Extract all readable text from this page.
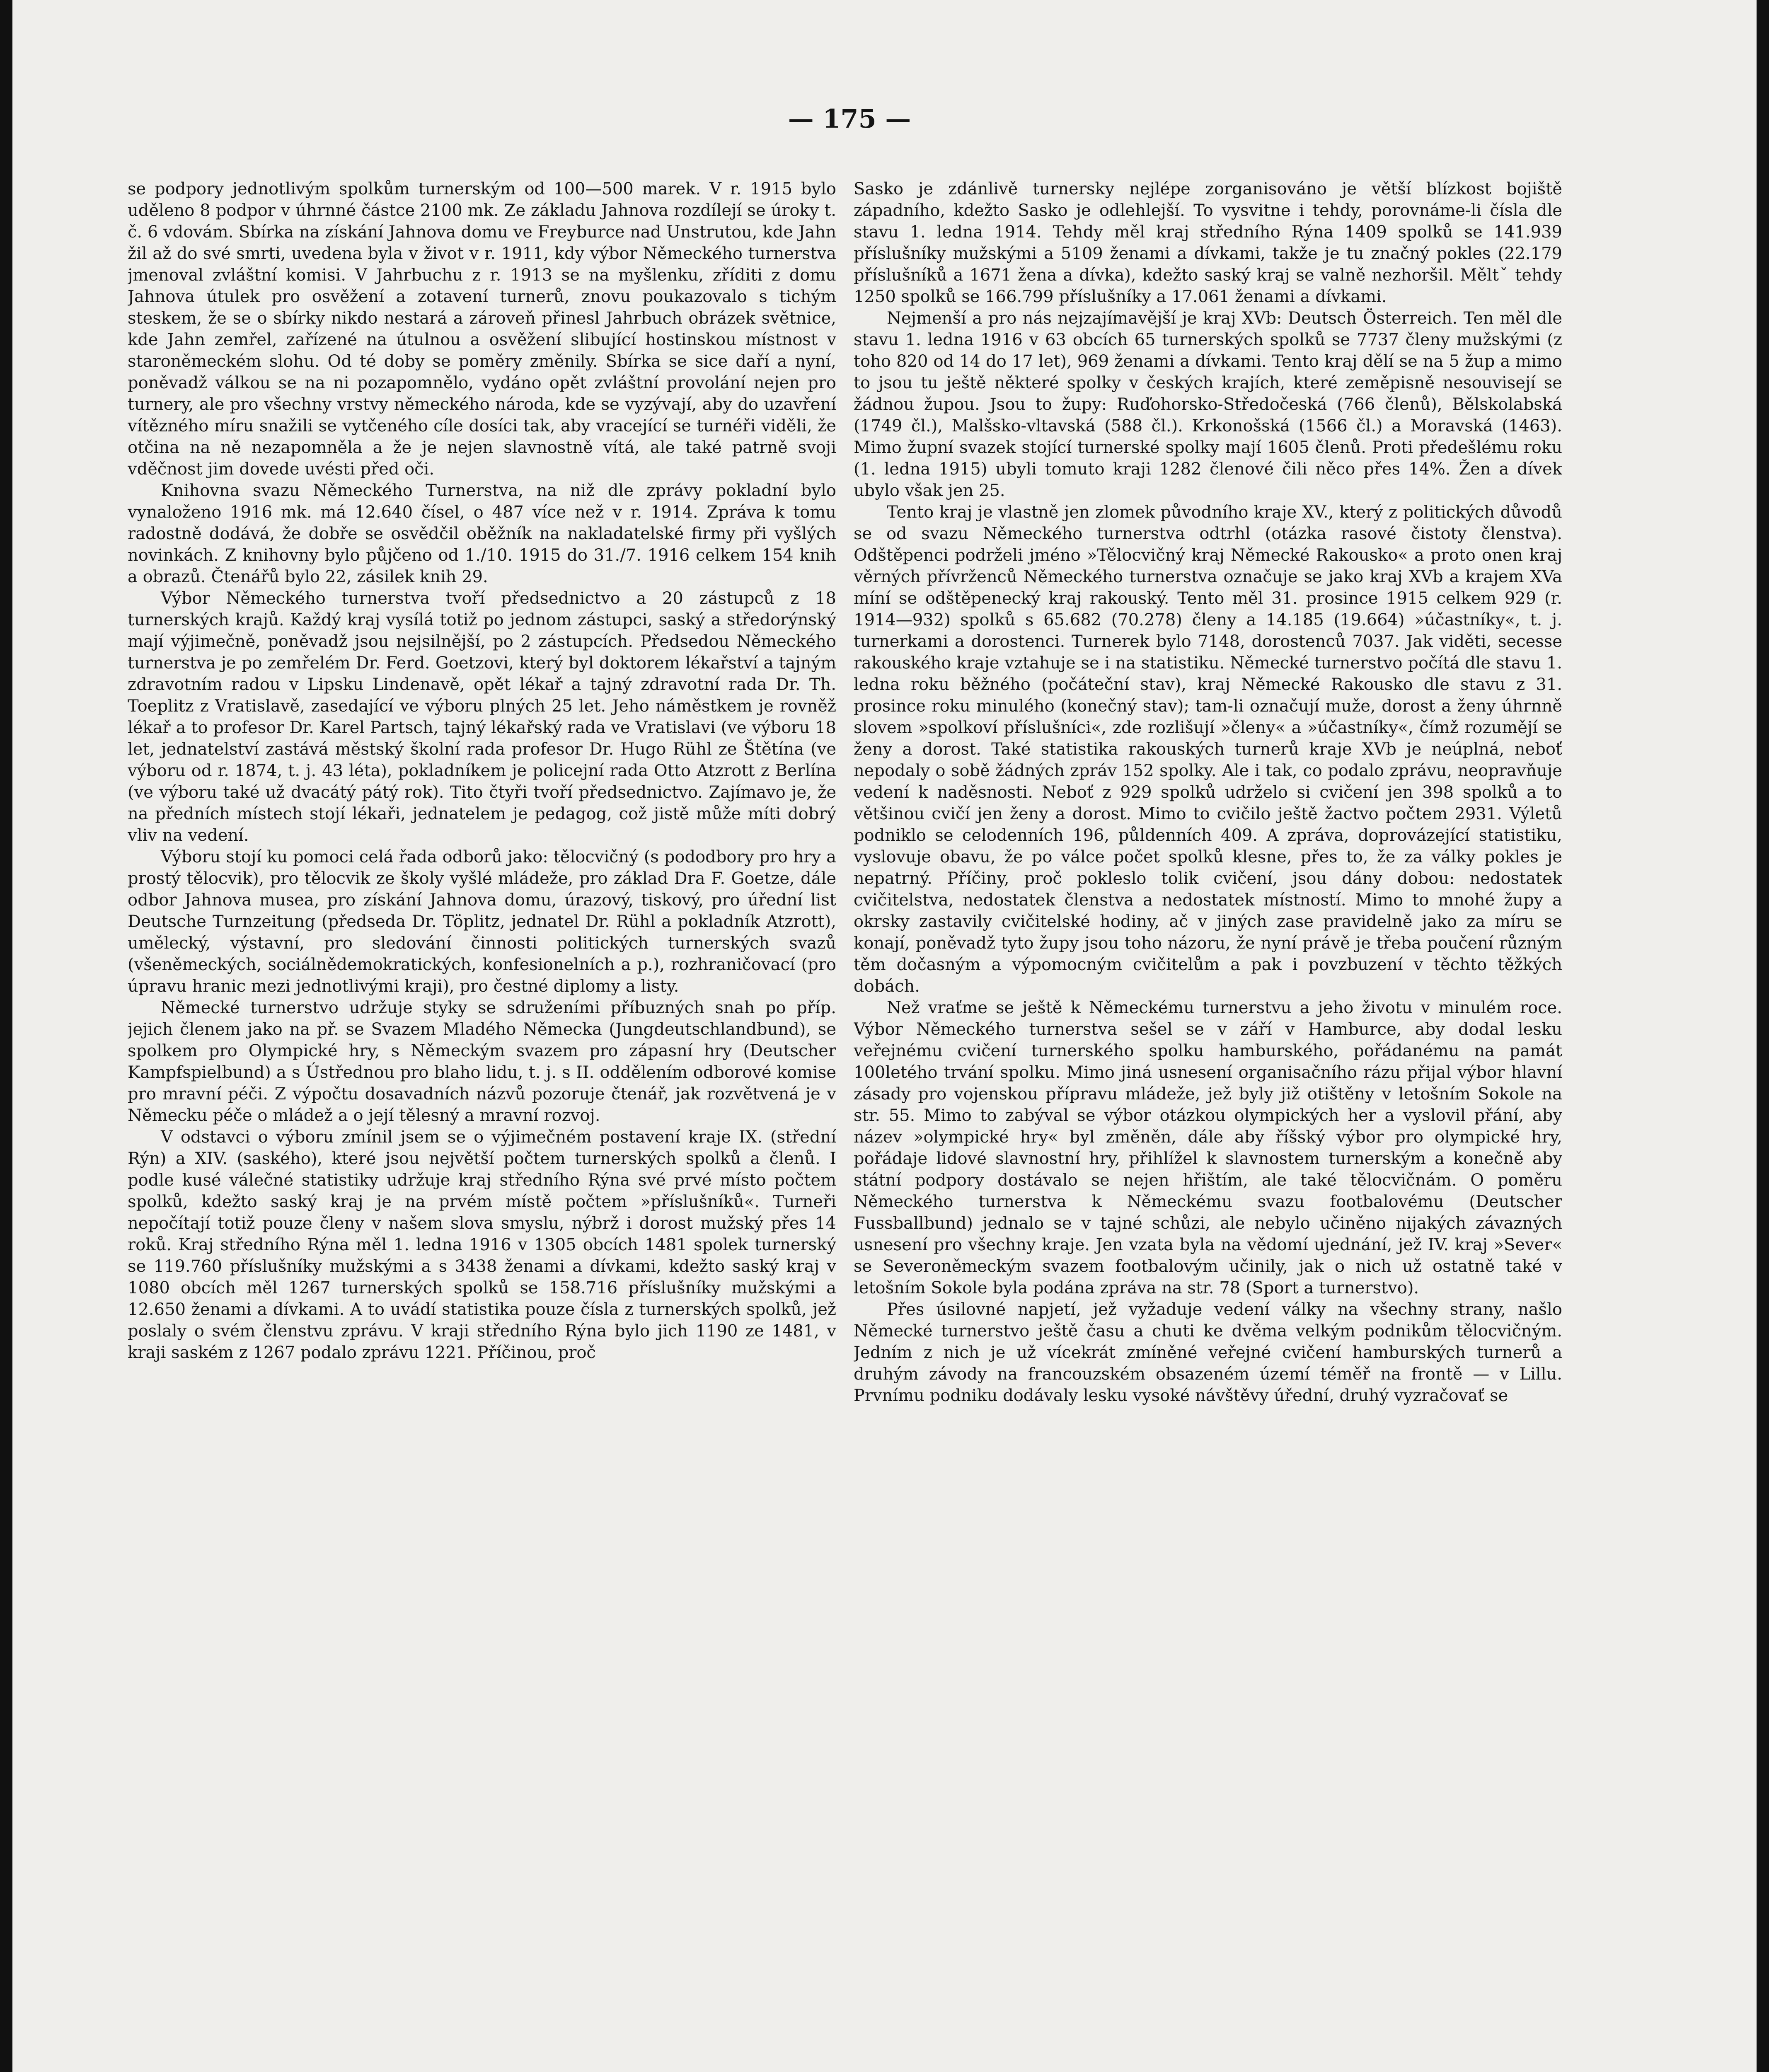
— 175 —

se podpory jednotlivým spolkům turnerským od 100—500 marek. V r. 1915 bylo uděleno 8 podpor v úhrnné částce 2100 mk. Ze základu Jahnova rozdílejí se úroky t. č. 6 vdovám. Sbírka na získání Jahnova domu ve Freyburce nad Unstrutou, kde Jahn žil až do své smrti, uvedena byla v život v r. 1911, kdy výbor Německého turnerstva jmenoval zvláštní komisi. V Jahrbuchu z r. 1913 se na myšlenku, zříditi z domu Jahnova útulek pro osvěžení a zotavení turnerů, znovu poukazovalo s tichým steskem, že se o sbírky nikdo nestará a zároveň přinesl Jahrbuch obrázek světnice, kde Jahn zemřel, zařízené na útulnou a osvěžení slibující hostinskou místnost v staroněmeckém slohu. Od té doby se poměry změnily. Sbírka se sice daří a nyní, poněvadž válkou se na ni pozapomnělo, vydáno opět zvláštní provolání nejen pro turnery, ale pro všechny vrstvy německého národa, kde se vyzývají, aby do uzavření vítězného míru snažili se vytčeného cíle dosíci tak, aby vracející se turnéři viděli, že otčina na ně nezapomněla a že je nejen slavnostně vítá, ale také patrně svoji vděčnost jim dovede uvésti před oči.

Knihovna svazu Německého Turnerstva, na niž dle zprávy pokladní bylo vynaloženo 1916 mk. má 12.640 čísel, o 487 více než v r. 1914. Zpráva k tomu radostně dodává, že dobře se osvědčil oběžník na nakladatelské firmy při vyšlých novinkách. Z knihovny bylo půjčeno od 1./10. 1915 do 31./7. 1916 celkem 154 knih a obrazů. Čtenářů bylo 22, zásilek knih 29.

Výbor Německého turnerstva tvoří předsednictvo a 20 zástupců z 18 turnerských krajů. Každý kraj vysílá totiž po jednom zástupci, saský a středorýnský mají výjimečně, poněvadž jsou nejsilnější, po 2 zástupcích. Předsedou Německého turnerstva je po zemřelém Dr. Ferd. Goetzovi, který byl doktorem lékařství a tajným zdravotním radou v Lipsku Lindenavě, opět lékař a tajný zdravotní rada Dr. Th. Toeplitz z Vratislavě, zasedající ve výboru plných 25 let. Jeho náměstkem je rovněž lékař a to profesor Dr. Karel Partsch, tajný lékařský rada ve Vratislavi (ve výboru 18 let, jednatelství zastává městský školní rada profesor Dr. Hugo Rühl ze Štětína (ve výboru od r. 1874, t. j. 43 léta), pokladníkem je policejní rada Otto Atzrott z Berlína (ve výboru také už dvacátý pátý rok). Tito čtyři tvoří předsednictvo. Zajímavo je, že na předních místech stojí lékaři, jednatelem je pedagog, což jistě může míti dobrý vliv na vedení.

Výboru stojí ku pomoci celá řada odborů jako: tělocvičný (s pododbory pro hry a prostý tělocvik), pro tělocvik ze školy vyšlé mládeže, pro základ Dra F. Goetze, dále odbor Jahnova musea, pro získání Jahnova domu, úrazový, tiskový, pro úřední list Deutsche Turnzeitung (předseda Dr. Töplitz, jednatel Dr. Rühl a pokladník Atzrott), umělecký, výstavní, pro sledování činnosti politických turnerských svazů (všeněmeckých, sociálnědemokratických, konfesionelních a p.), rozhraničovací (pro úpravu hranic mezi jednotlivými kraji), pro čestné diplomy a listy.

Německé turnerstvo udržuje styky se sdruženími příbuzných snah po příp. jejich členem jako na př. se Svazem Mladého Německa (Jungdeutschlandbund), se spolkem pro Olympické hry, s Německým svazem pro zápasní hry (Deutscher Kampfspielbund) a s Ústřednou pro blaho lidu, t. j. s II. oddělením odborové komise pro mravní péči. Z výpočtu dosavadních názvů pozoruje čtenář, jak rozvětvená je v Německu péče o mládež a o její tělesný a mravní rozvoj.

V odstavci o výboru zmínil jsem se o výjimečném postavení kraje IX. (střední Rýn) a XIV. (saského), které jsou největší počtem turnerských spolků a členů. I podle kusé válečné statistiky udržuje kraj středního Rýna své prvé místo počtem spolků, kdežto saský kraj je na prvém místě počtem »příslušníků«. Turneři nepočítají totiž pouze členy v našem slova smyslu, nýbrž i dorost mužský přes 14 roků. Kraj středního Rýna měl 1. ledna 1916 v 1305 obcích 1481 spolek turnerský se 119.760 příslušníky mužskými a s 3438 ženami a dívkami, kdežto saský kraj v 1080 obcích měl 1267 turnerských spolků se 158.716 příslušníky mužskými a 12.650 ženami a dívkami. A to uvádí statistika pouze čísla z turnerských spolků, jež poslaly o svém členstvu zprávu. V kraji středního Rýna bylo jich 1190 ze 1481, v kraji saském z 1267 podalo zprávu 1221. Příčinou, proč

Sasko je zdánlivě turnersky nejlépe zorganisováno je větší blízkost bojiště západního, kdežto Sasko je odlehlejší. To vysvitne i tehdy, porovnáme-li čísla dle stavu 1. ledna 1914. Tehdy měl kraj středního Rýna 1409 spolků se 141.939 příslušníky mužskými a 5109 ženami a dívkami, takže je tu značný pokles (22.179 příslušníků a 1671 žena a dívka), kdežto saský kraj se valně nezhoršil. Měltˇ tehdy 1250 spolků se 166.799 příslušníky a 17.061 ženami a dívkami.

Nejmenší a pro nás nejzajímavější je kraj XVb: Deutsch Österreich. Ten měl dle stavu 1. ledna 1916 v 63 obcích 65 turnerských spolků se 7737 členy mužskými (z toho 820 od 14 do 17 let), 969 ženami a dívkami. Tento kraj dělí se na 5 žup a mimo to jsou tu ještě některé spolky v českých krajích, které zeměpisně nesouvisejí se žádnou župou. Jsou to župy: Ruďohorsko-Středočeská (766 členů), Bělskolabská (1749 čl.), Malšsko-vltavská (588 čl.). Krkonošská (1566 čl.) a Moravská (1463). Mimo župní svazek stojící turnerské spolky mají 1605 členů. Proti předešlému roku (1. ledna 1915) ubyli tomuto kraji 1282 členové čili něco přes 14%. Žen a dívek ubylo však jen 25.

Tento kraj je vlastně jen zlomek původního kraje XV., který z politických důvodů se od svazu Německého turnerstva odtrhl (otázka rasové čistoty členstva). Odštěpenci podrželi jméno »Tělocvičný kraj Německé Rakousko« a proto onen kraj věrných přívrženců Německého turnerstva označuje se jako kraj XVb a krajem XVa míní se odštěpenecký kraj rakouský. Tento měl 31. prosince 1915 celkem 929 (r. 1914—932) spolků s 65.682 (70.278) členy a 14.185 (19.664) »účastníky«, t. j. turnerkami a dorostenci. Turnerek bylo 7148, dorostenců 7037. Jak viděti, secesse rakouského kraje vztahuje se i na statistiku. Německé turnerstvo počítá dle stavu 1. ledna roku běžného (počáteční stav), kraj Německé Rakousko dle stavu z 31. prosince roku minulého (konečný stav); tam-li označují muže, dorost a ženy úhrnně slovem »spolkoví příslušníci«, zde rozlišují »členy« a »účastníky«, čímž rozumějí se ženy a dorost. Také statistika rakouských turnerů kraje XVb je neúplná, neboť nepodaly o sobě žádných zpráv 152 spolky. Ale i tak, co podalo zprávu, neopravňuje vedení k naděsnosti. Neboť z 929 spolků udrželo si cvičení jen 398 spolků a to většinou cvičí jen ženy a dorost. Mimo to cvičilo ještě žactvo počtem 2931. Výletů podniklo se celodenních 196, půldenních 409. A zpráva, doprovázející statistiku, vyslovuje obavu, že po válce počet spolků klesne, přes to, že za války pokles je nepatrný. Příčiny, proč pokleslo tolik cvičení, jsou dány dobou: nedostatek cvičitelstva, nedostatek členstva a nedostatek místností. Mimo to mnohé župy a okrsky zastavily cvičitelské hodiny, ač v jiných zase pravidelně jako za míru se konají, poněvadž tyto župy jsou toho názoru, že nyní právě je třeba poučení různým těm dočasným a výpomocným cvičitelům a pak i povzbuzení v těchto těžkých dobách.

Než vraťme se ještě k Německému turnerstvu a jeho životu v minulém roce. Výbor Německého turnerstva sešel se v září v Hamburce, aby dodal lesku veřejnému cvičení turnerského spolku hamburského, pořádanému na památ 100letého trvání spolku. Mimo jiná usnesení organisačního rázu přijal výbor hlavní zásady pro vojenskou přípravu mládeže, jež byly již otištěny v letošním Sokole na str. 55. Mimo to zabýval se výbor otázkou olympických her a vyslovil přání, aby název »olympické hry« byl změněn, dále aby říšský výbor pro olympické hry, pořádaje lidové slavnostní hry, přihlížel k slavnostem turnerským a konečně aby státní podpory dostávalo se nejen hřištím, ale také tělocvičnám. O poměru Německého turnerstva k Německému svazu footbalovému (Deutscher Fussballbund) jednalo se v tajné schůzi, ale nebylo učiněno nijakých závazných usnesení pro všechny kraje. Jen vzata byla na vědomí ujednání, jež IV. kraj »Sever« se Severoněmeckým svazem footbalovým učinily, jak o nich už ostatně také v letošním Sokole byla podána zpráva na str. 78 (Sport a turnerstvo).

Přes úsilovné napjetí, jež vyžaduje vedení války na všechny strany, našlo Německé turnerstvo ještě času a chuti ke dvěma velkým podnikům tělocvičným. Jedním z nich je už vícekrát zmíněné veřejné cvičení hamburských turnerů a druhým závody na francouzském obsazeném území téměř na frontě — v Lillu. Prvnímu podniku dodávaly lesku vysoké návštěvy úřední, druhý vyzračovať se
